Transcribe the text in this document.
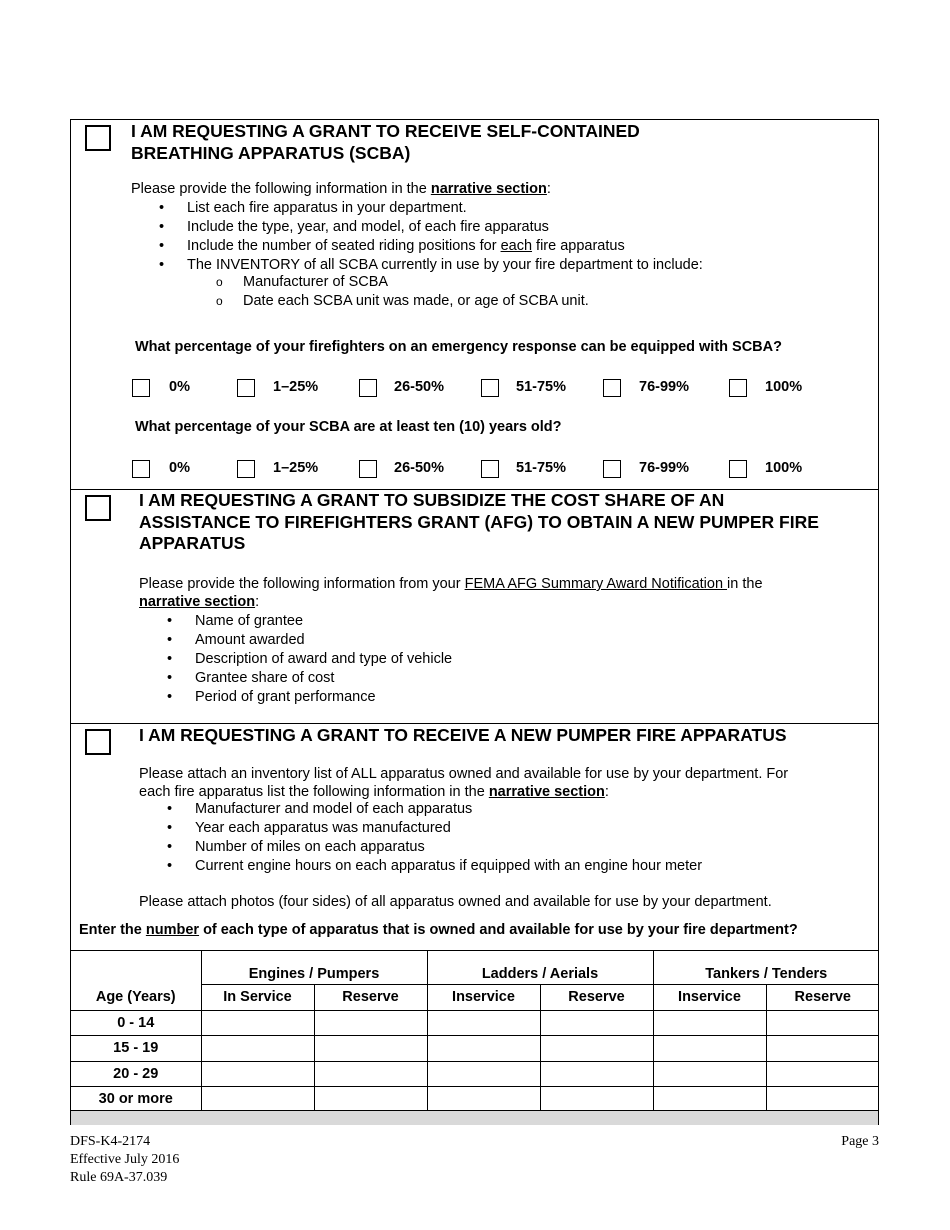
I AM REQUESTING A GRANT TO RECEIVE SELF-CONTAINED
BREATHING APPARATUS (SCBA)
Please provide the following information in the narrative section:
• List each fire apparatus in your department.
• Include the type, year, and model, of each fire apparatus
• Include the number of seated riding positions for each fire apparatus
• The INVENTORY of all SCBA currently in use by your fire department to include:
o Manufacturer of SCBA
o Date each SCBA unit was made, or age of SCBA unit.
What percentage of your firefighters on an emergency response can be equipped with SCBA?
0%	1–25%	26-50%	51-75%	76-99%	100%
What percentage of your SCBA are at least ten (10) years old?
0%	1–25%	26-50%	51-75%	76-99%	100%
I AM REQUESTING A GRANT TO SUBSIDIZE THE COST SHARE OF AN
ASSISTANCE TO FIREFIGHTERS GRANT (AFG) TO OBTAIN A NEW PUMPER FIRE
APPARATUS
Please provide the following information from your FEMA AFG Summary Award Notification in the
narrative section:
• Name of grantee
• Amount awarded
• Description of award and type of vehicle
• Grantee share of cost
• Period of grant performance
I AM REQUESTING A GRANT TO RECEIVE A NEW PUMPER FIRE APPARATUS
Please attach an inventory list of ALL apparatus owned and available for use by your department. For
each fire apparatus list the following information in the narrative section:
• Manufacturer and model of each apparatus
• Year each apparatus was manufactured
• Number of miles on each apparatus
• Current engine hours on each apparatus if equipped with an engine hour meter
Please attach photos (four sides) of all apparatus owned and available for use by your department.
Enter the number of each type of apparatus that is owned and available for use by your fire department?
	Engines / Pumpers		Ladders / Aerials		Tankers / Tenders	
Age (Years)	In Service	Reserve	Inservice	Reserve	Inservice	Reserve
0 - 14						
15 - 19						
20 - 29						
30 or more						
DFS-K4-2174
Effective July 2016
Rule 69A-37.039
Page 3
